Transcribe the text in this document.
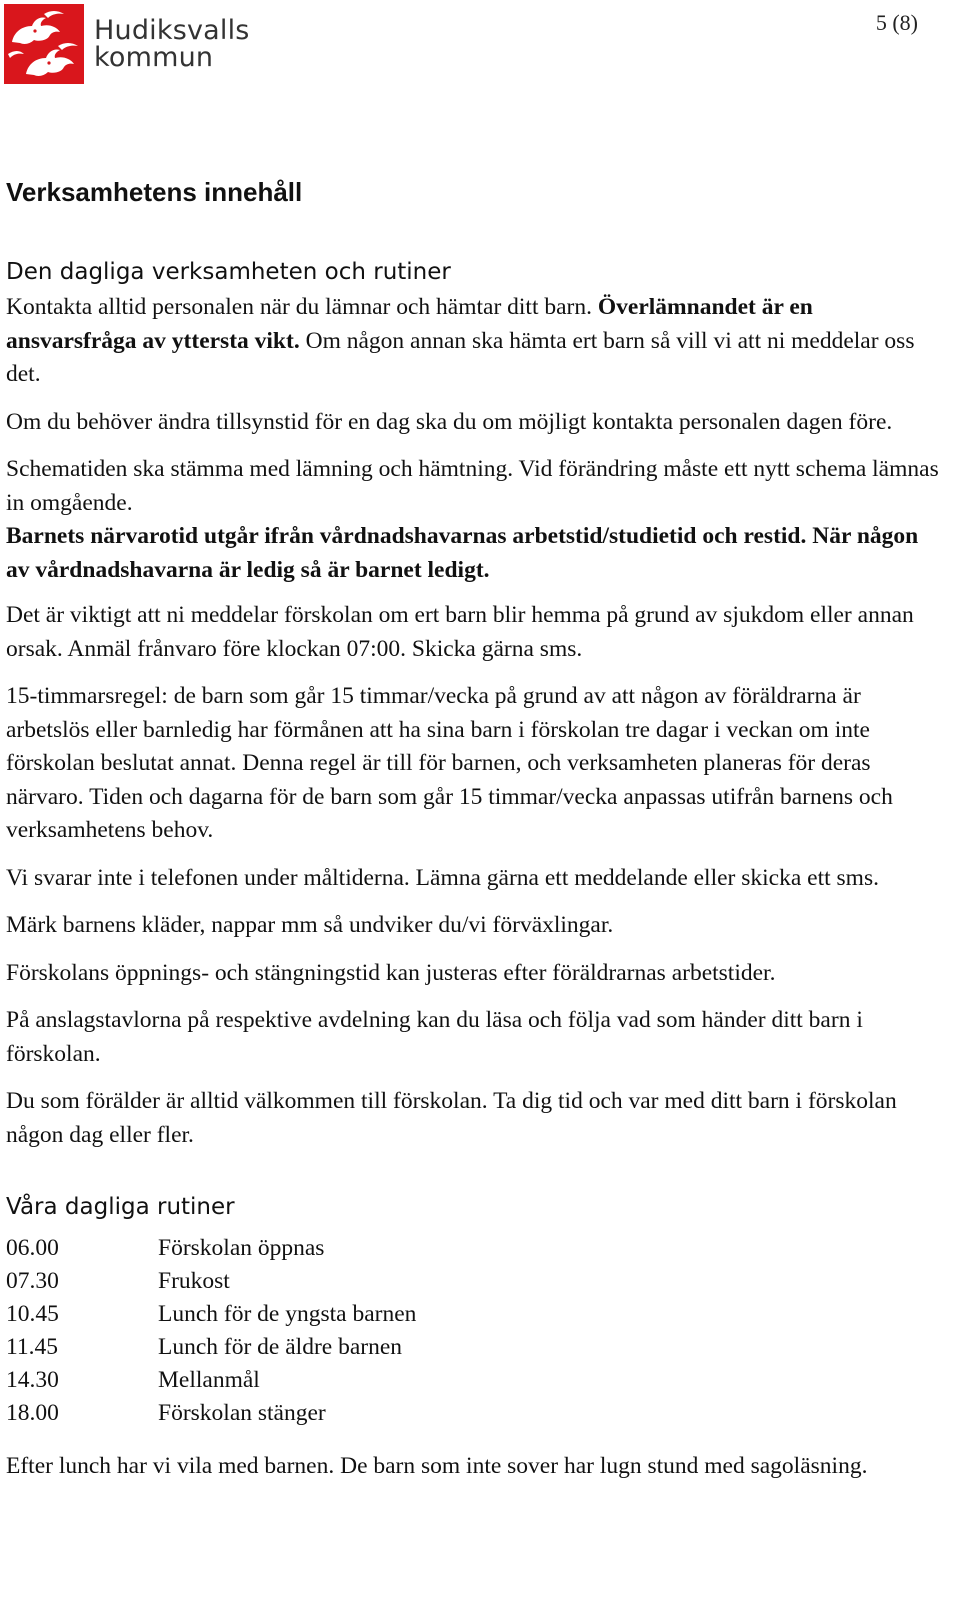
Hudiksvalls
kommun
5 (8)
Verksamhetens innehåll
Den dagliga verksamheten och rutiner

Kontakta alltid personalen när du lämnar och hämtar ditt barn. Överlämnandet är en ansvarsfråga av yttersta vikt. Om någon annan ska hämta ert barn så vill vi att ni meddelar oss det.

Om du behöver ändra tillsynstid för en dag ska du om möjligt kontakta personalen dagen före.

Schematiden ska stämma med lämning och hämtning. Vid förändring måste ett nytt schema lämnas in omgående.

Barnets närvarotid utgår ifrån vårdnadshavarnas arbetstid/studietid och restid. När någon av vårdnadshavarna är ledig så är barnet ledigt.

Det är viktigt att ni meddelar förskolan om ert barn blir hemma på grund av sjukdom eller annan orsak. Anmäl frånvaro före klockan 07:00. Skicka gärna sms.

15-timmarsregel: de barn som går 15 timmar/vecka på grund av att någon av föräldrarna är arbetslös eller barnledig har förmånen att ha sina barn i förskolan tre dagar i veckan om inte förskolan beslutat annat. Denna regel är till för barnen, och verksamheten planeras för deras närvaro. Tiden och dagarna för de barn som går 15 timmar/vecka anpassas utifrån barnens och verksamhetens behov.

Vi svarar inte i telefonen under måltiderna. Lämna gärna ett meddelande eller skicka ett sms.

Märk barnens kläder, nappar mm så undviker du/vi förväxlingar.

Förskolans öppnings- och stängningstid kan justeras efter föräldrarnas arbetstider.

På anslagstavlorna på respektive avdelning kan du läsa och följa vad som händer ditt barn i förskolan.

Du som förälder är alltid välkommen till förskolan. Ta dig tid och var med ditt barn i förskolan någon dag eller fler.

Våra dagliga rutiner
06.00	Förskolan öppnas
07.30	Frukost
10.45	Lunch för de yngsta barnen
11.45	Lunch för de äldre barnen
14.30	Mellanmål
18.00	Förskolan stänger

Efter lunch har vi vila med barnen. De barn som inte sover har lugn stund med sagoläsning.
